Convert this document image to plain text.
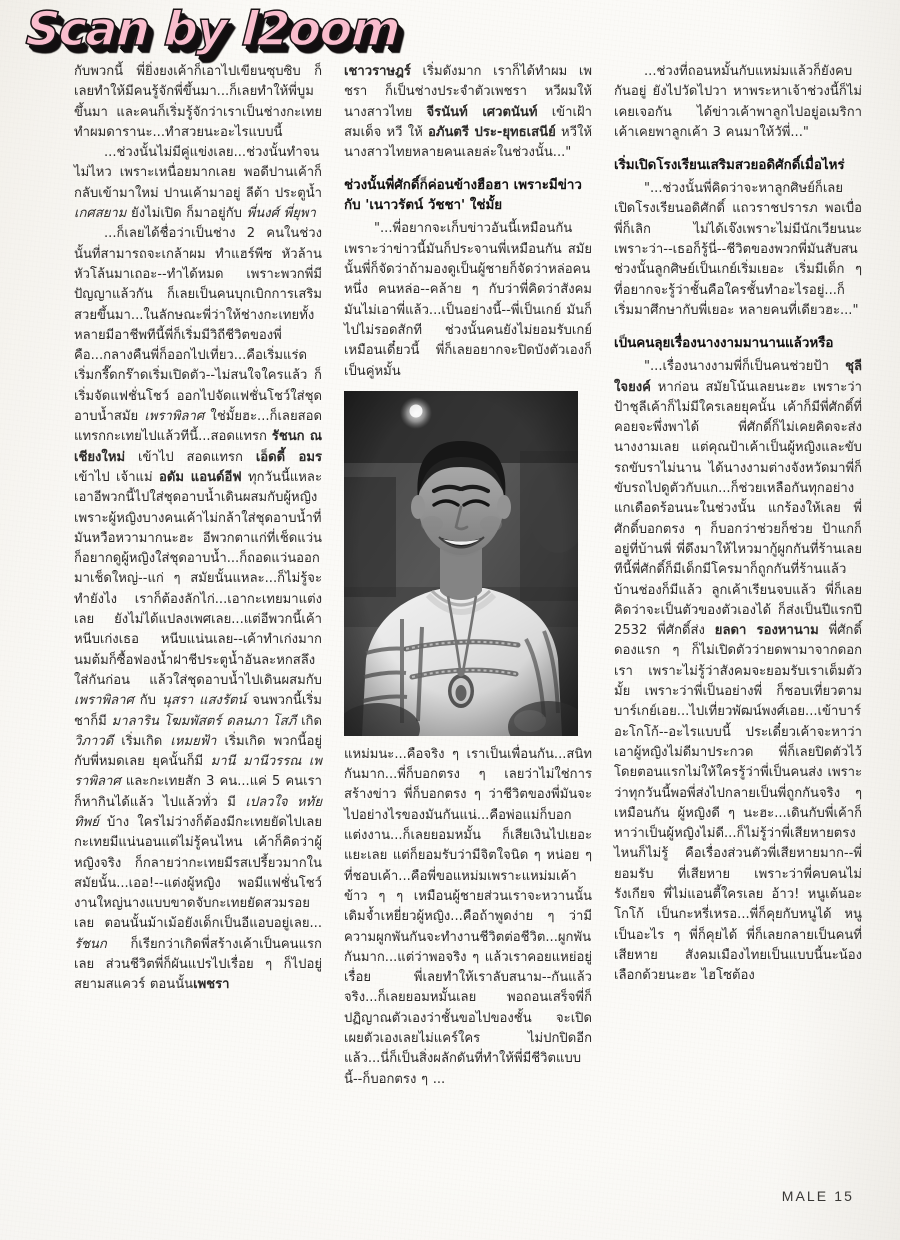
Scan by l2oom

กับพวกนี้ พี่ยิ่งยงเค้าก็เอาไปเขียนซุบซิบ ก็เลยทำให้มีคนรู้จักพี่ขึ้นมา...ก็เลยทำให้พี่บูมขึ้นมา และคนก็เริ่มรู้จักว่าเราเป็นช่างกะเทยทำผมดารานะ...ทำสวยนะอะไรแบบนี้

...ช่วงนั้นไม่มีคู่แข่งเลย...ช่วงนั้นทำจนไม่ไหว เพราะเหนื่อยมากเลย พอดีปานเค้าก็กลับเข้ามาใหม่ ปานเค้ามาอยู่ ลีต้า ประตูน้ำ เกศสยาม ยังไม่เปิด ก็มาอยู่กับ พี่นงศ์ พี่ยุพา

...ก็เลยได้ชื่อว่าเป็นช่าง 2 คนในช่วงนั้นที่สามารถจะเกล้าผม ทำแฮร์พีซ หัวล้าน หัวโล้นมาเถอะ--ทำได้หมด เพราะพวกพี่มีปัญญาแล้วกัน ก็เลยเป็นคนบุกเบิกการเสริมสวยขึ้นมา...ในลักษณะพี่ว่าให้ช่างกะเทยทั้งหลายมีอาชีพทีนี้พี่ก็เริ่มมีวิถีชีวิตของพี่คือ...กลางคืนพี่ก็ออกไปเที่ยว...คือเริ่มแร่ดเริ่มกรี๊ดกร๊าดเริ่มเปิดตัว--ไม่สนใจใครแล้ว ก็เริ่มจัดแฟชั่นโชว์ ออกไปจัดแฟชั่นโชว์ใส่ชุดอาบน้ำสมัย เพราพิลาศ ใช่มั้ยฮะ...ก็เลยสอดแทรกกะเทยไปแล้วทีนี้...สอดแทรก รัชนก ณ เชียงใหม่ เข้าไป สอดแทรก เอ็ดดี้ อมร เข้าไป เจ้าแม่ อดัม แอนด์อีฟ ทุกวันนี้แหละ เอาอีพวกนี้ไปใส่ชุดอาบน้ำเดินผสมกับผู้หญิง เพราะผู้หญิงบางคนเค้าไม่กล้าใส่ชุดอาบน้ำที่มันหวือหวามากนะฮะ อีพวกตาแก่ที่เช็ดแว่นก็อยากดูผู้หญิงใส่ชุดอาบน้ำ...ก็ถอดแว่นออกมาเช็ดใหญ่--แก่ ๆ สมัยนั้นแหละ...ก็ไม่รู้จะทำยังไง เราก็ต้องลักไก่...เอากะเทยมาแต่งเลย ยังไม่ได้แปลงเพศเลย...แต่อีพวกนี้เค้าหนีบเก่งเธอ หนีบแน่นเลย--เค้าทำเก่งมาก นมต้มก็ซื้อฟองน้ำฝาชีประตูน้ำอันละหกสลึงใส่กันก่อน แล้วใส่ชุดอาบน้ำไปเดินผสมกับ เพราพิลาศ กับ นุสรา แสงรัตน์ จนพวกนี้เริ่มชาก็มี มาลาริน โฆมพัสตร์ ดลนภา โสภี เกิด วิภาวดี เริ่มเกิด เหมยฟ้า เริ่มเกิด พวกนี้อยู่กับพี่หมดเลย ยุคนั้นก็มี มานี มานีวรรณ เพราพิลาศ และกะเทยสัก 3 คน...แค่ 5 คนเราก็หากินได้แล้ว ไปแล้วทั่ว มี เปลวใจ หทัยทิพย์ บ้าง ใครไม่ว่างก็ต้องมีกะเทยยัดไปเลย กะเทยมีแน่นอนแต่ไม่รู้คนไหน เค้าก็คิดว่าผู้หญิงจริง ก็กลายว่ากะเทยมีรสเปรี้ยวมากในสมัยนั้น...เออ!--แต่งผู้หญิง พอมีแฟชั่นโชว์งานใหญ่นางแบบขาดจับกะเทยยัดสวมรอยเลย ตอนนั้นม้าเม้อยังเด็กเป็นอีแอบอยู่เลย... รัชนก ก็เรียกว่าเกิดพี่สร้างเค้าเป็นคนแรกเลย ส่วนชีวิตพี่ก็ผันแปรไปเรื่อย ๆ ก็ไปอยู่สยามสแควร์ ตอนนั้นเพชรา

เชาวราษฎร์ เริ่มดังมาก เราก็ได้ทำผม เพชรา ก็เป็นช่างประจำตัวเพชรา หวีผมให้นางสาวไทย จีรนันท์ เศวตนันท์ เข้าเฝ้าสมเด็จ หวี ให้ อภันตรี ประ-ยุทธเสนีย์ หวีให้นางสาวไทยหลายคนเลยล่ะในช่วงนั้น..."

ช่วงนั้นพี่ศักดิ์ก็ค่อนข้างฮือฮา เพราะมีข่าวกับ 'เนาวรัตน์ วัชชา' ใช่มั้ย

"...พี่อยากจะเก็บข่าวอันนี้เหมือนกันเพราะว่าข่าวนี้มันก็ประจานพี่เหมือนกัน สมัยนั้นพี่ก็จัดว่าถ้ามองดูเป็นผู้ชายก็จัดว่าหล่อคนหนึ่ง คนหล่อ--คล้าย ๆ กับว่าพี่คิดว่าสังคมมันไม่เอาพี่แล้ว...เป็นอย่างนี้--พี่เป็นเกย์ มันก็ไปไม่รอดสักที ช่วงนั้นคนยังไม่ยอมรับเกย์เหมือนเดี๋ยวนี้ พี่ก็เลยอยากจะปิดบังตัวเองก็เป็นคู่หมั้น

แหม่มนะ...คือจริง ๆ เราเป็นเพื่อนกัน...สนิทกันมาก...พี่ก็บอกตรง ๆ เลยว่าไม่ใช่การสร้างข่าว พี่ก็บอกตรง ๆ ว่าชีวิตของพี่มันจะไปอย่างไรของมันกันแน่...คือพ่อแม่ก็บอกแต่งงาน...ก็เลยยอมหมั้น ก็เสียเงินไปเยอะแยะเลย แต่ก็ยอมรับว่ามีจิตใจนิด ๆ หน่อย ๆ ที่ชอบเค้า...คือพี่ขอแหม่มเพราะแหม่มเค้าข้าว ๆ ๆ เหมือนผู้ชายส่วนเราจะหวานนั้นเดิมจ้ำเหยี่ยวผู้หญิง...คือถ้าพูดง่าย ๆ ว่ามีความผูกพันกันจะทำงานชีวิตต่อชีวิต...ผูกพันกันมาก...แต่ว่าพอจริง ๆ แล้วเราคอยแหย่อยู่เรื่อย พี่เลยทำให้เราลับสนาม--กันแล้วจริง...ก็เลยยอมหมั้นเลย พอถอนเสร็จพี่ก็ปฏิญาณตัวเองว่าชั้นขอไปของชั้น จะเปิดเผยตัวเองเลยไม่แคร์ใคร ไม่ปกปิดอีกแล้ว...นี่ก็เป็นสิ่งผลักดันที่ทำให้พี่มีชีวิตแบบนี้--ก็บอกตรง ๆ ...

...ช่วงที่ถอนหมั้นกับแหม่มแล้วก็ยังคบกันอยู่ ยังไปวัดไปวา หาพระหาเจ้าช่วงนี้ก็ไม่เคยเจอกัน ได้ข่าวเค้าพาลูกไปอยู่อเมริกา เค้าเคยพาลูกเค้า 3 คนมาให้วัพี่..."

เริ่มเปิดโรงเรียนเสริมสวยอดิศักดิ์เมื่อไหร่

"...ช่วงนั้นพี่คิดว่าจะหาลูกศิษย์ก็เลยเปิดโรงเรียนอดิศักดิ์ แถวราชปรารภ พอเบื่อพี่ก็เลิก ไม่ได้เจ๊งเพราะไม่มีนักเวียนนะ เพราะว่า--เธอก็รู้นี่--ชีวิตของพวกพี่มันสับสน ช่วงนั้นลูกศิษย์เป็นเกย์เริ่มเยอะ เริ่มมีเด็ก ๆ ที่อยากจะรู้ว่าชั้นคือใครชั้นทำอะไรอยู่...ก็เริ่มมาศึกษากับพี่เยอะ หลายคนที่เดียวฮะ..."

เป็นคนลุยเรื่องนางงามมานานแล้วหรือ

"...เรื่องนางงามพี่ก็เป็นคนช่วยป้า ชุลี ใจยงค์ หาก่อน สมัยโน้นเลยนะฮะ เพราะว่าป้าชุลีเค้าก็ไม่มีใครเลยยุคนั้น เค้าก็มีพี่ศักดิ์ที่คอยจะพึ่งพาได้ พี่ศักดิ์ก็ไม่เคยคิดจะส่งนางงามเลย แต่คุณป้าเค้าเป็นผู้หญิงและขับรถขับราไม่นาน ได้นางงามต่างจังหวัดมาพี่ก็ขับรถไปดูตัวกับแก...ก็ช่วยเหลือกันทุกอย่าง แกเดือดร้อนนะในช่วงนั้น แกร้องให้เลย พี่ศักดิ์บอกตรง ๆ ก็บอกว่าช่วยก็ช่วย ป้าแกก็อยู่ที่บ้านพี่ พี่ดึงมาให้ไหวมากู้ผูกกันที่ร้านเลย ทีนี้พี่ศักดิ์ก็มีเด็กมีโครมาก็ถูกกันที่ร้านแล้ว บ้านช่องก็มีแล้ว ลูกเค้าเรียนจบแล้ว พี่ก็เลยคิดว่าจะเป็นตัวของตัวเองได้ ก็ส่งเป็นปีแรกปี 2532 พี่ศักดิ์ส่ง ยลดา รองหานาม พี่ศักดิ์ดองแรก ๆ ก็ไม่เปิดตัวว่ายดพามาจากดอกเรา เพราะไม่รู้ว่าสังคมจะยอมรับเราเต็มตัวมั้ย เพราะว่าพี่เป็นอย่างพี่ ก็ชอบเที่ยวตามบาร์เกย์เอย...ไปเที่ยวพัฒน์พงศ์เอย...เข้าบาร์อะโกโก้--อะไรแบบนี้ ประเดี๋ยวเค้าจะหาว่าเอาผู้หญิงไม่ดีมาประกวด พี่ก็เลยปิดตัวไว้ โดยตอนแรกไม่ให้ใครรู้ว่าพี่เป็นคนส่ง เพราะว่าทุกวันนี้พอพี่ส่งไปกลายเป็นพี่ถูกกันจริง ๆ เหมือนกัน ผู้หญิงดี ๆ นะฮะ...เดินกับพี่เค้าก็หาว่าเป็นผู้หญิงไม่ดี...ก็ไม่รู้ว่าพี่เสียหายตรงไหนก็ไม่รู้ คือเรื่องส่วนตัวพี่เสียหายมาก--พี่ยอมรับ ที่เสียหาย เพราะว่าพี่คบคนไม่รังเกียจ พี่ไม่แอนตี้ใครเลย อ้าว! หนูเต้นอะโกโก้ เป็นกะหรี่เหรอ...พี่ก็คุยกับหนูได้ หนูเป็นอะไร ๆ พี่ก็คุยได้ พี่ก็เลยกลายเป็นคนที่เสียหาย สังคมเมืองไทยเป็นแบบนี้นะน้อง เลือกด้วยนะฮะ ไฮโซต้อง

MALE 15
